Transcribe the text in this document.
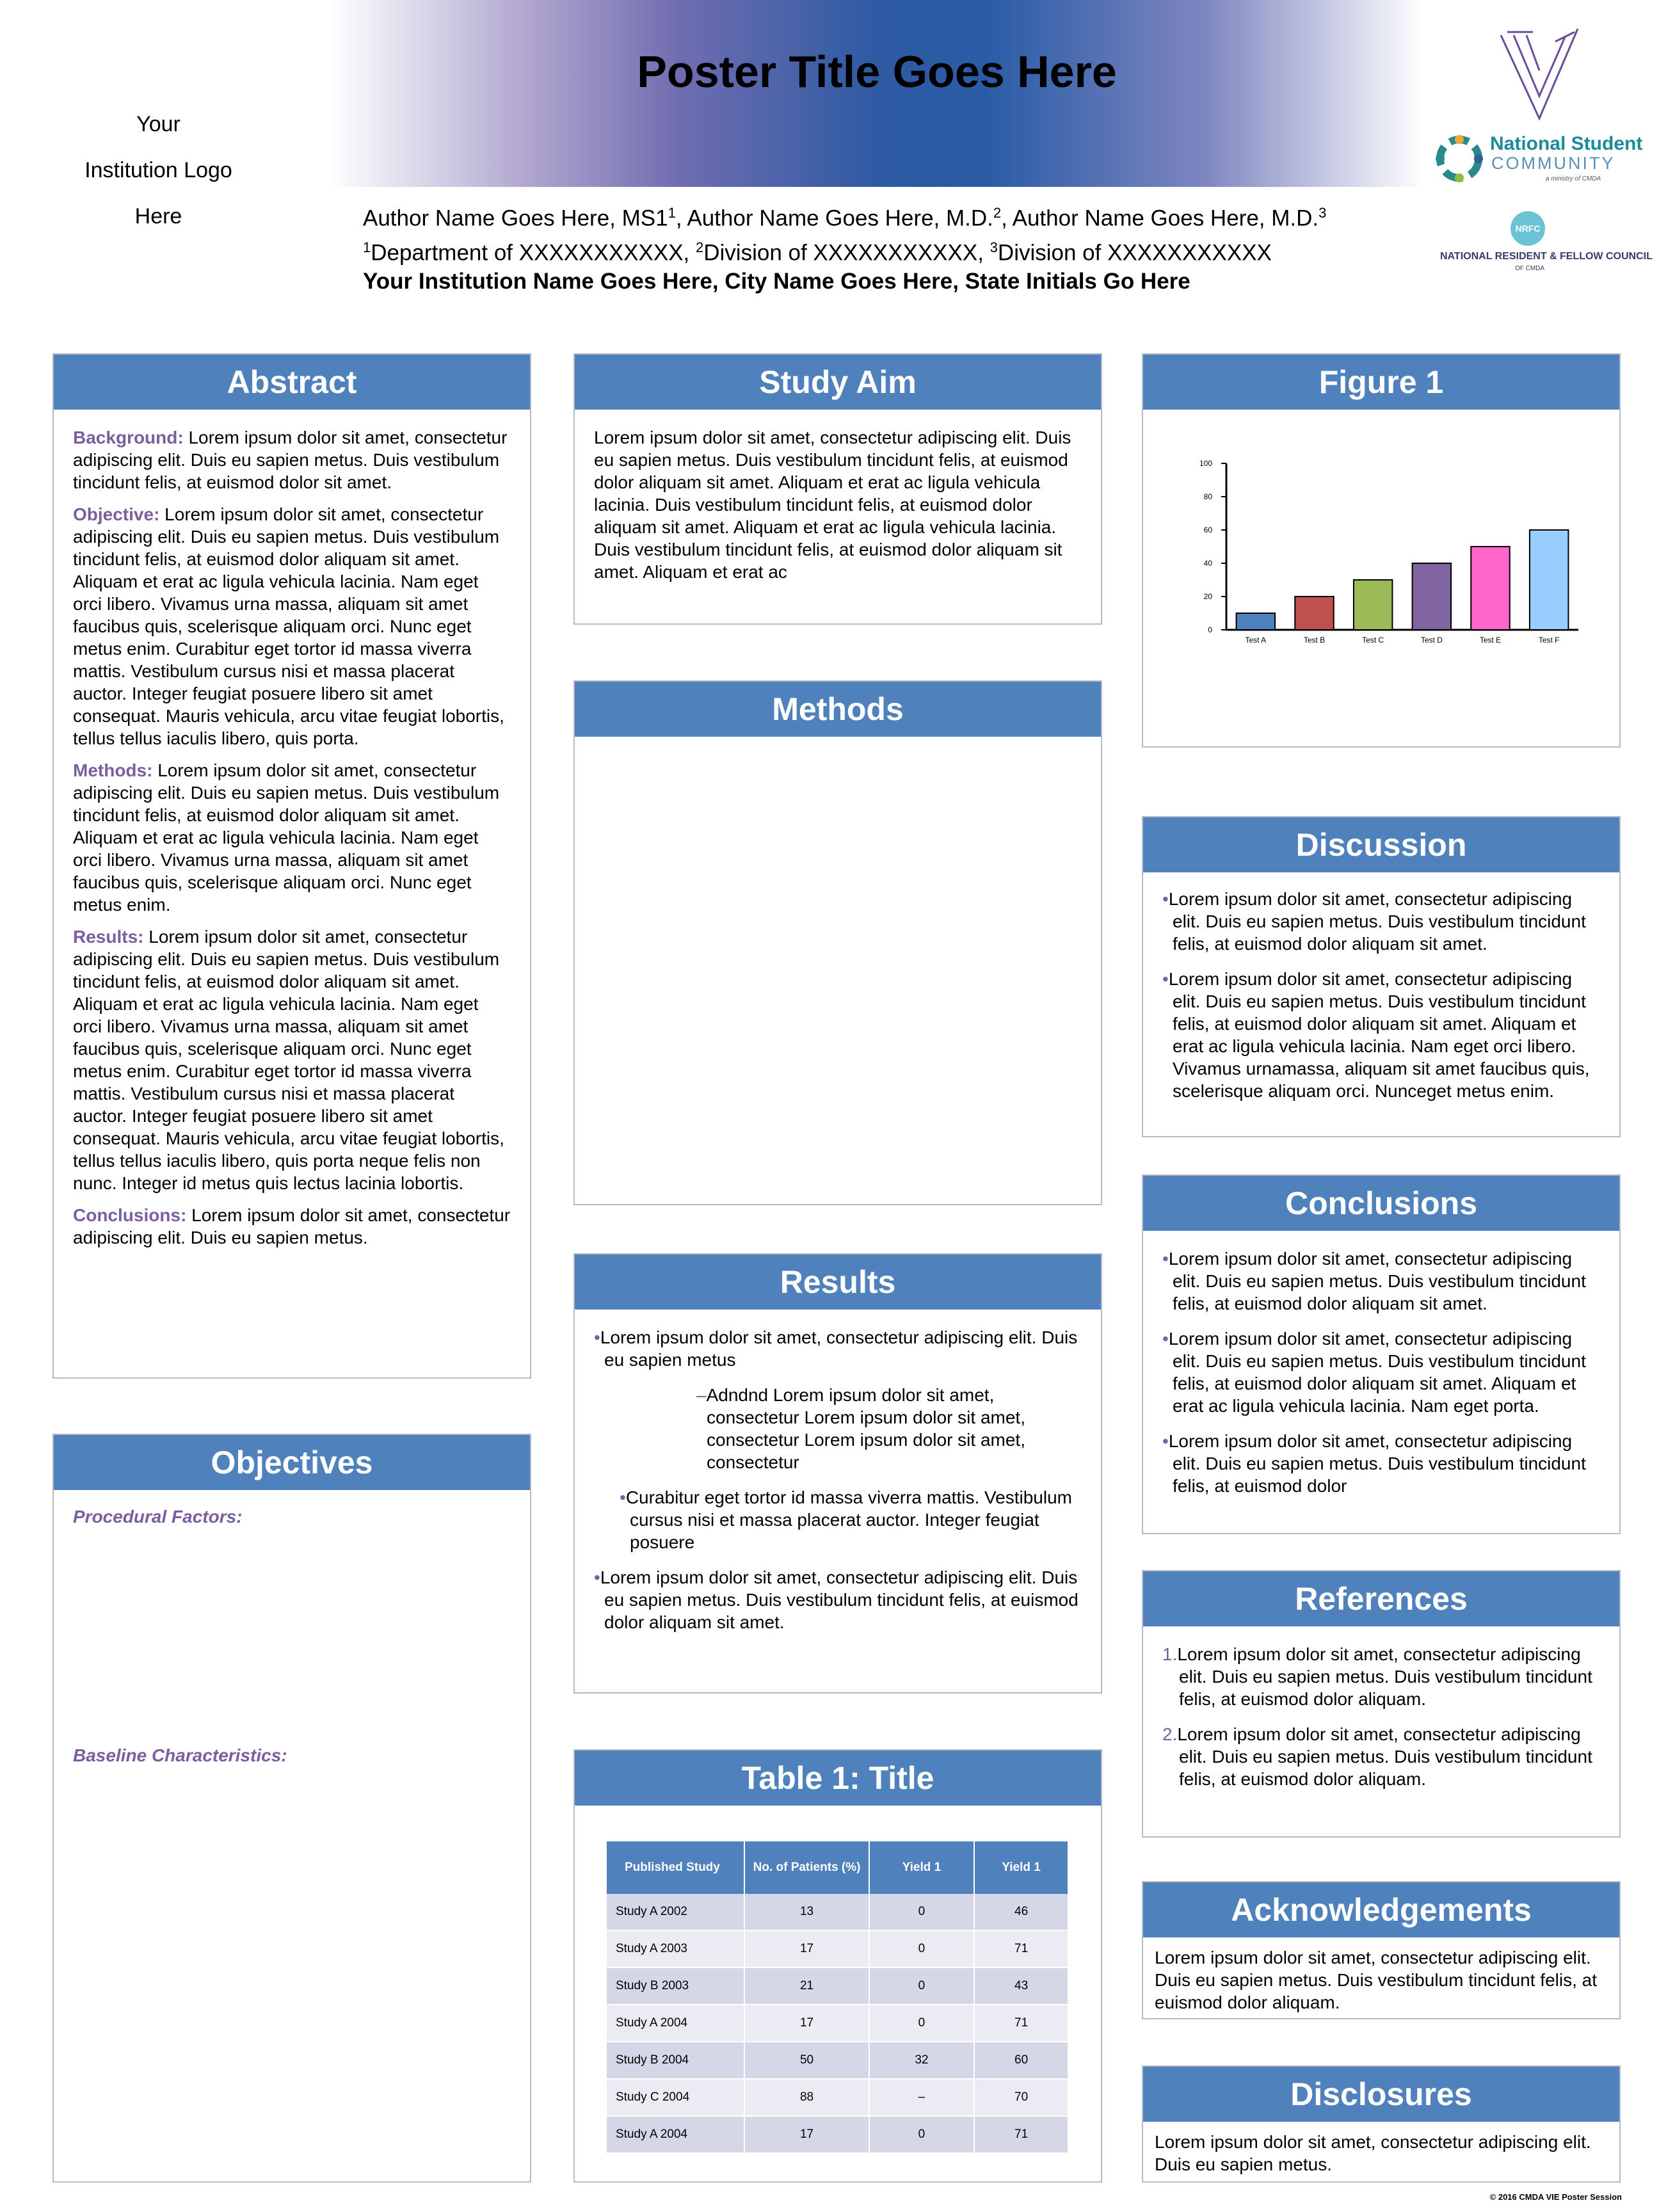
Poster Title Goes Here
Your
Institution Logo
Here	Author Name Goes Here, $MS1^1$, Author Name Goes Here, M.D.$^2$, Author Name Goes Here, M.D.$^3$
$^1$Department of XXXXXXXXXXX, $^2$Division of XXXXXXXXXXX, $^3$Division of XXXXXXXXXXX
Your Institution Name Goes Here, City Name Goes Here, State Initials Go Here
National Student
COMMUNITY
a ministry of CMDA
NRFC
NATIONAL RESIDENT & FELLOW COUNCIL
OF CMDA
Abstract

Background: Lorem ipsum dolor sit amet, consectetur adipiscing elit. Duis eu sapien metus. Duis vestibulum tincidunt felis, at euismod dolor sit amet.

Objective: Lorem ipsum dolor sit amet, consectetur adipiscing elit. Duis eu sapien metus. Duis vestibulum tincidunt felis, at euismod dolor aliquam sit amet. Aliquam et erat ac ligula vehicula lacinia. Nam eget orci libero. Vivamus urna massa, aliquam sit amet faucibus quis, scelerisque aliquam orci. Nunc eget metus enim. Curabitur eget tortor id massa viverra mattis. Vestibulum cursus nisi et massa placerat auctor. Integer feugiat posuere libero sit amet consequat. Mauris vehicula, arcu vitae feugiat lobortis, tellus tellus iaculis libero, quis porta.

Methods: Lorem ipsum dolor sit amet, consectetur adipiscing elit. Duis eu sapien metus. Duis vestibulum tincidunt felis, at euismod dolor aliquam sit amet. Aliquam et erat ac ligula vehicula lacinia. Nam eget orci libero. Vivamus urna massa, aliquam sit amet faucibus quis, scelerisque aliquam orci. Nunc eget metus enim.

Results: Lorem ipsum dolor sit amet, consectetur adipiscing elit. Duis eu sapien metus. Duis vestibulum tincidunt felis, at euismod dolor aliquam sit amet. Aliquam et erat ac ligula vehicula lacinia. Nam eget orci libero. Vivamus urna massa, aliquam sit amet faucibus quis, scelerisque aliquam orci. Nunc eget metus enim. Curabitur eget tortor id massa viverra mattis. Vestibulum cursus nisi et massa placerat auctor. Integer feugiat posuere libero sit amet consequat. Mauris vehicula, arcu vitae feugiat lobortis, tellus tellus iaculis libero, quis porta neque felis non nunc. Integer id metus quis lectus lacinia lobortis.

Conclusions: Lorem ipsum dolor sit amet, consectetur adipiscing elit. Duis eu sapien metus.

Objectives
Procedural Factors:
Baseline Characteristics:
Study Aim
Lorem ipsum dolor sit amet, consectetur adipiscing elit. Duis eu sapien metus. Duis vestibulum tincidunt felis, at euismod dolor aliquam sit amet. Aliquam et erat ac ligula vehicula lacinia. Duis vestibulum tincidunt felis, at euismod dolor aliquam sit amet. Aliquam et erat ac ligula vehicula lacinia. Duis vestibulum tincidunt felis, at euismod dolor aliquam sit amet. Aliquam et erat ac
Methods
Results
•Lorem ipsum dolor sit amet, consectetur adipiscing elit. Duis eu sapien metus
–Adndnd Lorem ipsum dolor sit amet, consectetur Lorem ipsum dolor sit amet, consectetur Lorem ipsum dolor sit amet, consectetur
•Curabitur eget tortor id massa viverra mattis. Vestibulum cursus nisi et massa placerat auctor. Integer feugiat posuere
•Lorem ipsum dolor sit amet, consectetur adipiscing elit. Duis eu sapien metus. Duis vestibulum tincidunt felis, at euismod dolor aliquam sit amet.
Table 1: Title
Published Study	No. of Patients (%)	Yield 1	Yield 1
Study A 2002	13	0	46
Study A 2003	17	0	71
Study B 2003	21	0	43
Study A 2004	17	0	71
Study B 2004	50	32	60
Study C 2004	88	–	70
Study A 2004	17	0	71
Figure 1
0
20
40
60
80
100
Test A	Test B	Test C	Test D	Test E	Test F
Discussion
•Lorem ipsum dolor sit amet, consectetur adipiscing elit. Duis eu sapien metus. Duis vestibulum tincidunt felis, at euismod dolor aliquam sit amet.
•Lorem ipsum dolor sit amet, consectetur adipiscing elit. Duis eu sapien metus. Duis vestibulum tincidunt felis, at euismod dolor aliquam sit amet. Aliquam et erat ac ligula vehicula lacinia. Nam eget orci libero. Vivamus urnamassa, aliquam sit amet faucibus quis, scelerisque aliquam orci. Nunceget metus enim.
Conclusions
•Lorem ipsum dolor sit amet, consectetur adipiscing elit. Duis eu sapien metus. Duis vestibulum tincidunt felis, at euismod dolor aliquam sit amet.
•Lorem ipsum dolor sit amet, consectetur adipiscing elit. Duis eu sapien metus. Duis vestibulum tincidunt felis, at euismod dolor aliquam sit amet. Aliquam et erat ac ligula vehicula lacinia. Nam eget porta.
•Lorem ipsum dolor sit amet, consectetur adipiscing elit. Duis eu sapien metus. Duis vestibulum tincidunt felis, at euismod dolor
References
1.Lorem ipsum dolor sit amet, consectetur adipiscing elit. Duis eu sapien metus. Duis vestibulum tincidunt felis, at euismod dolor aliquam.
2.Lorem ipsum dolor sit amet, consectetur adipiscing elit. Duis eu sapien metus. Duis vestibulum tincidunt felis, at euismod dolor aliquam.
Acknowledgements
Lorem ipsum dolor sit amet, consectetur adipiscing elit. Duis eu sapien metus. Duis vestibulum tincidunt felis, at euismod dolor aliquam.
Disclosures
Lorem ipsum dolor sit amet, consectetur adipiscing elit. Duis eu sapien metus.
© 2016 CMDA VIE Poster Session
